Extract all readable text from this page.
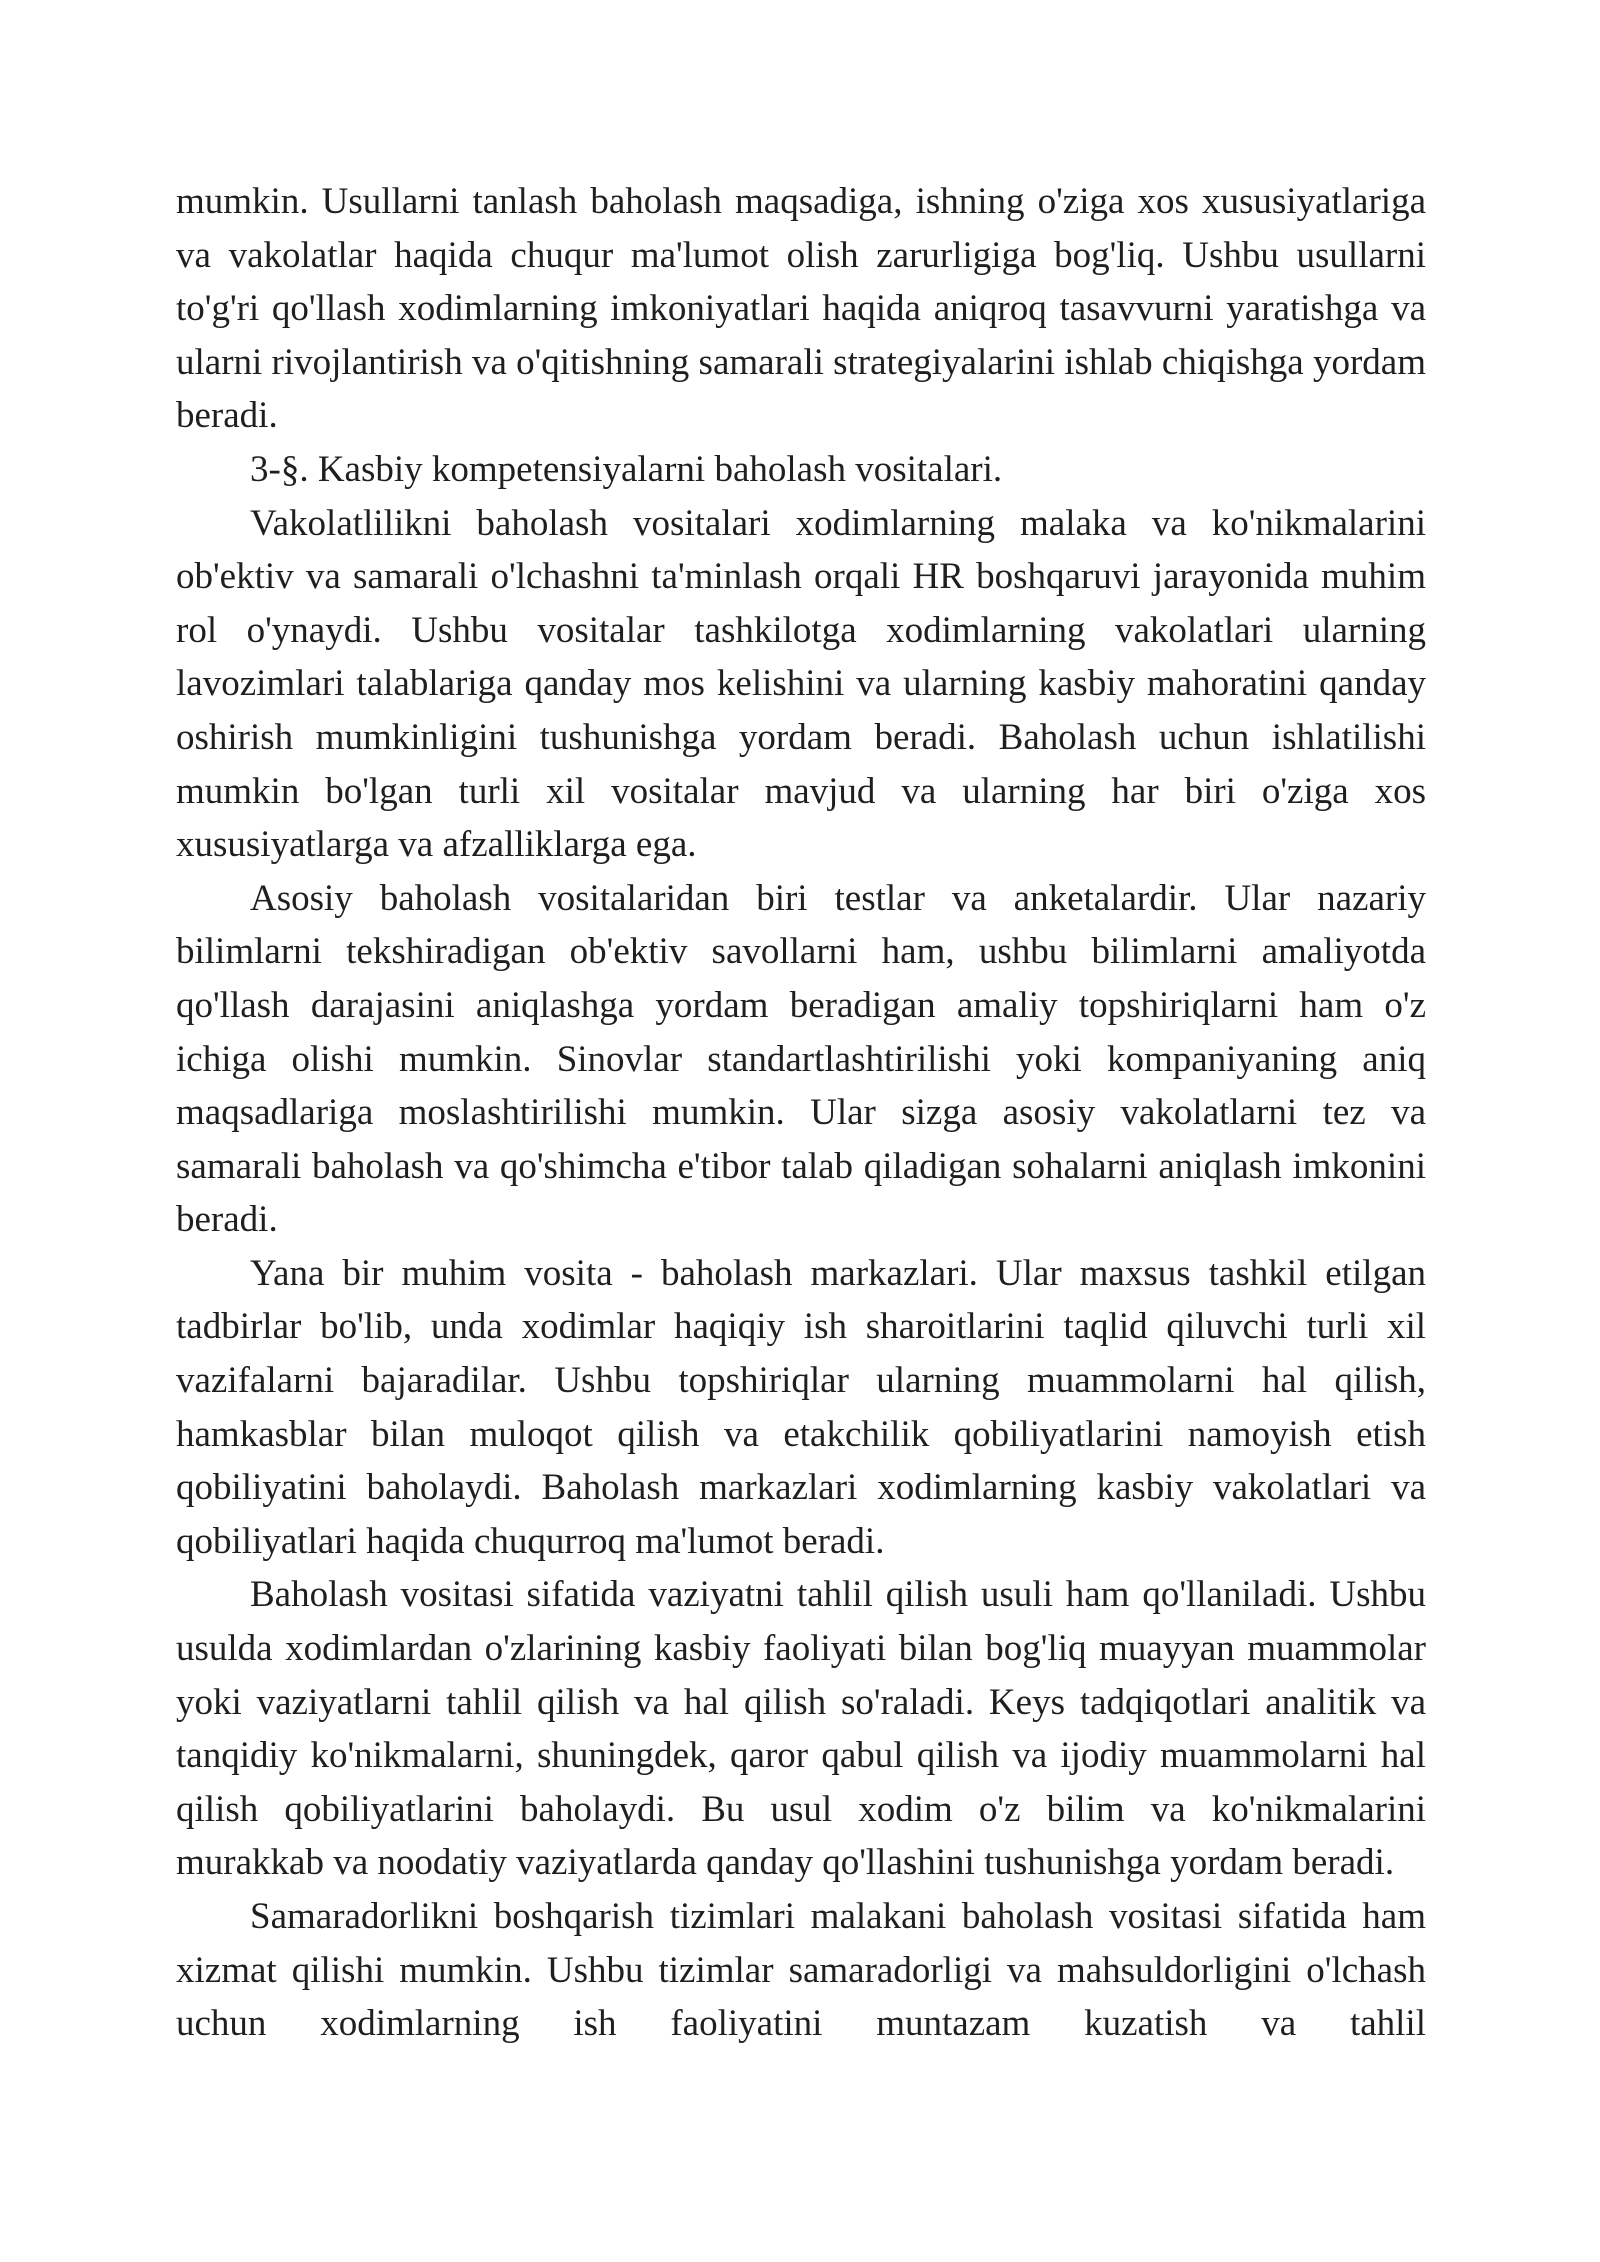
mumkin. Usullarni tanlash baholash maqsadiga, ishning o'ziga xos xususiyatlariga va vakolatlar haqida chuqur ma'lumot olish zarurligiga bog'liq. Ushbu usullarni to'g'ri qo'llash xodimlarning imkoniyatlari haqida aniqroq tasavvurni yaratishga va ularni rivojlantirish va o'qitishning samarali strategiyalarini ishlab chiqishga yordam beradi.

3-§. Kasbiy kompetensiyalarni baholash vositalari.

Vakolatlilikni baholash vositalari xodimlarning malaka va ko'nikmalarini ob'ektiv va samarali o'lchashni ta'minlash orqali HR boshqaruvi jarayonida muhim rol o'ynaydi. Ushbu vositalar tashkilotga xodimlarning vakolatlari ularning lavozimlari talablariga qanday mos kelishini va ularning kasbiy mahoratini qanday oshirish mumkinligini tushunishga yordam beradi. Baholash uchun ishlatilishi mumkin bo'lgan turli xil vositalar mavjud va ularning har biri o'ziga xos xususiyatlarga va afzalliklarga ega.

Asosiy baholash vositalaridan biri testlar va anketalardir. Ular nazariy bilimlarni tekshiradigan ob'ektiv savollarni ham, ushbu bilimlarni amaliyotda qo'llash darajasini aniqlashga yordam beradigan amaliy topshiriqlarni ham o'z ichiga olishi mumkin. Sinovlar standartlashtirilishi yoki kompaniyaning aniq maqsadlariga moslashtirilishi mumkin. Ular sizga asosiy vakolatlarni tez va samarali baholash va qo'shimcha e'tibor talab qiladigan sohalarni aniqlash imkonini beradi.

Yana bir muhim vosita - baholash markazlari. Ular maxsus tashkil etilgan tadbirlar bo'lib, unda xodimlar haqiqiy ish sharoitlarini taqlid qiluvchi turli xil vazifalarni bajaradilar. Ushbu topshiriqlar ularning muammolarni hal qilish, hamkasblar bilan muloqot qilish va etakchilik qobiliyatlarini namoyish etish qobiliyatini baholaydi. Baholash markazlari xodimlarning kasbiy vakolatlari va qobiliyatlari haqida chuqurroq ma'lumot beradi.

Baholash vositasi sifatida vaziyatni tahlil qilish usuli ham qo'llaniladi. Ushbu usulda xodimlardan o'zlarining kasbiy faoliyati bilan bog'liq muayyan muammolar yoki vaziyatlarni tahlil qilish va hal qilish so'raladi. Keys tadqiqotlari analitik va tanqidiy ko'nikmalarni, shuningdek, qaror qabul qilish va ijodiy muammolarni hal qilish qobiliyatlarini baholaydi. Bu usul xodim o'z bilim va ko'nikmalarini murakkab va noodatiy vaziyatlarda qanday qo'llashini tushunishga yordam beradi.

Samaradorlikni boshqarish tizimlari malakani baholash vositasi sifatida ham xizmat qilishi mumkin. Ushbu tizimlar samaradorligi va mahsuldorligini o'lchash uchun xodimlarning ish faoliyatini muntazam kuzatish va tahlil
